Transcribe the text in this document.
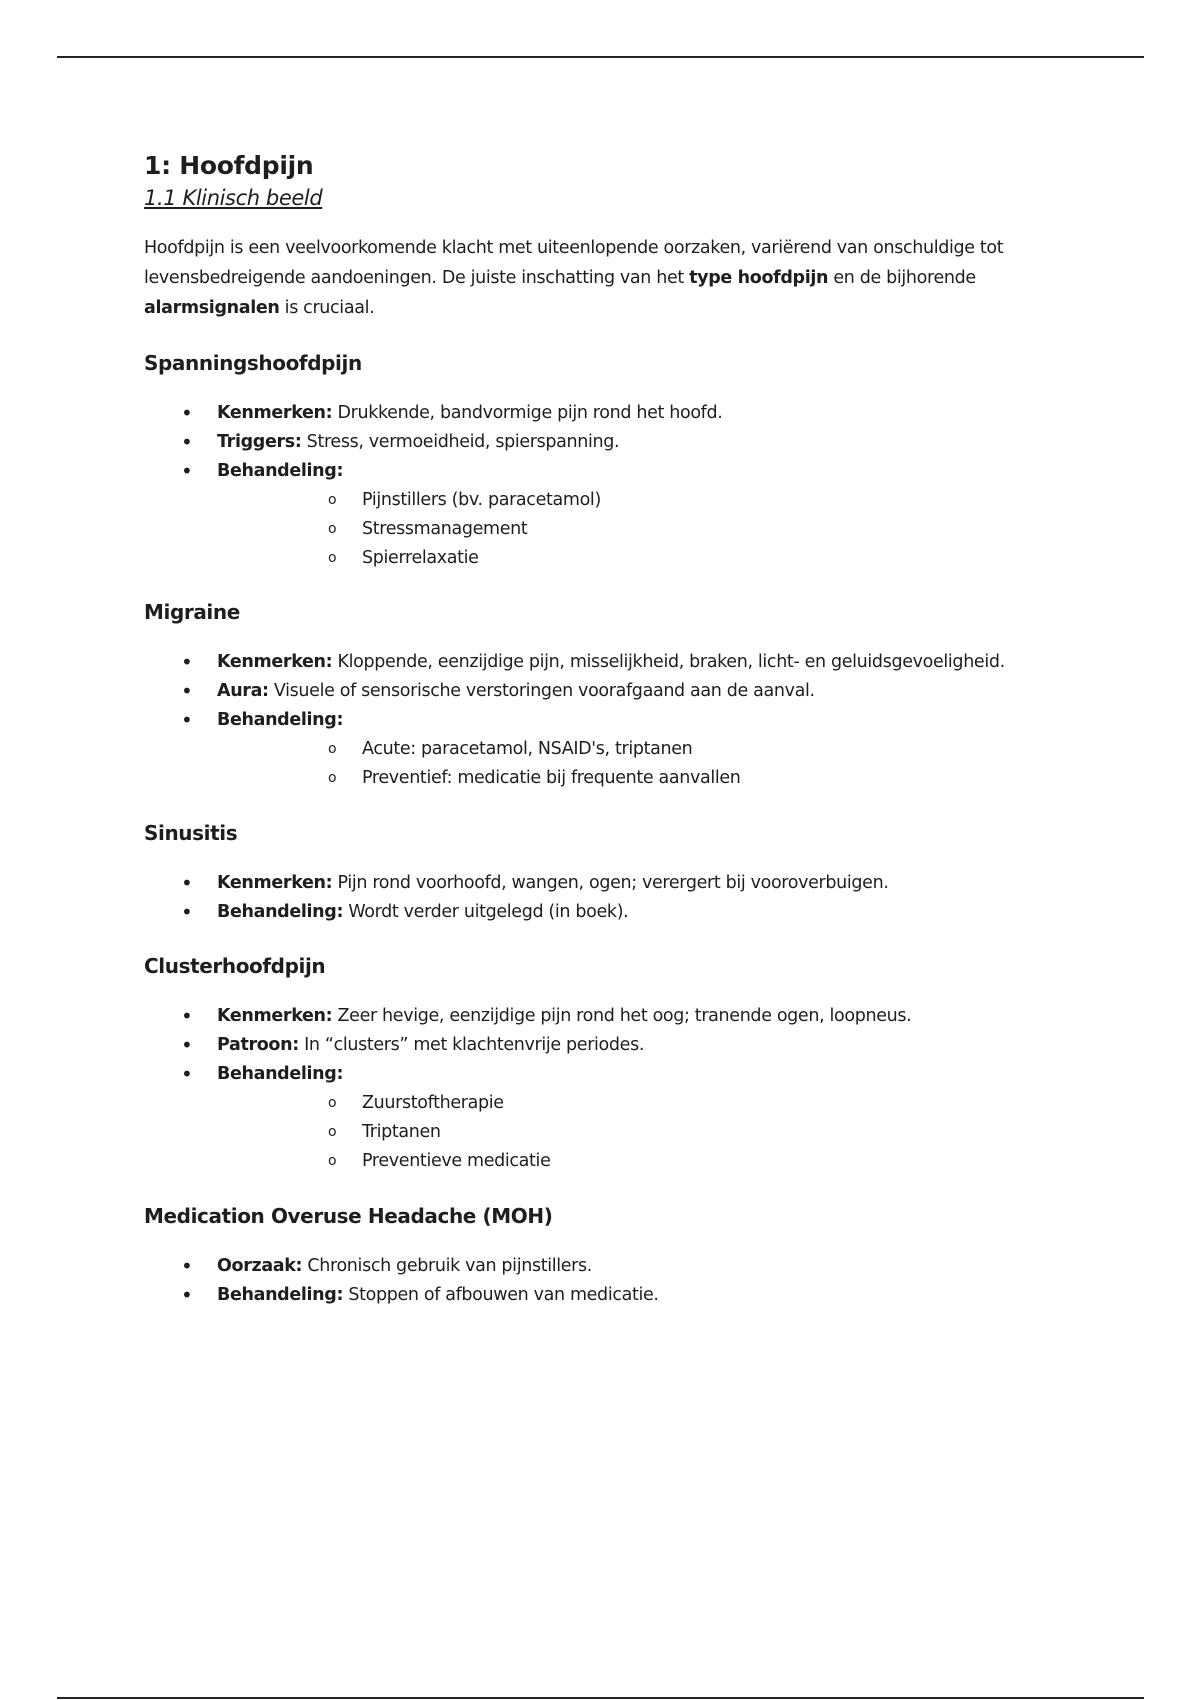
1: Hoofdpijn
1.1 Klinisch beeld

Hoofdpijn is een veelvoorkomende klacht met uiteenlopende oorzaken, variërend van onschuldige tot levensbedreigende aandoeningen. De juiste inschatting van het type hoofdpijn en de bijhorende alarmsignalen is cruciaal.

Spanningshoofdpijn
• Kenmerken: Drukkende, bandvormige pijn rond het hoofd.
• Triggers: Stress, vermoeidheid, spierspanning.
• Behandeling:
o Pijnstillers (bv. paracetamol)
o Stressmanagement
o Spierrelaxatie
Migraine
• Kenmerken: Kloppende, eenzijdige pijn, misselijkheid, braken, licht- en geluidsgevoeligheid.
• Aura: Visuele of sensorische verstoringen voorafgaand aan de aanval.
• Behandeling:
o Acute: paracetamol, NSAID's, triptanen
o Preventief: medicatie bij frequente aanvallen
Sinusitis
• Kenmerken: Pijn rond voorhoofd, wangen, ogen; verergert bij vooroverbuigen.
• Behandeling: Wordt verder uitgelegd (in boek).
Clusterhoofdpijn
• Kenmerken: Zeer hevige, eenzijdige pijn rond het oog; tranende ogen, loopneus.
• Patroon: In “clusters” met klachtenvrije periodes.
• Behandeling:
o Zuurstoftherapie
o Triptanen
o Preventieve medicatie
Medication Overuse Headache (MOH)
• Oorzaak: Chronisch gebruik van pijnstillers.
• Behandeling: Stoppen of afbouwen van medicatie.
